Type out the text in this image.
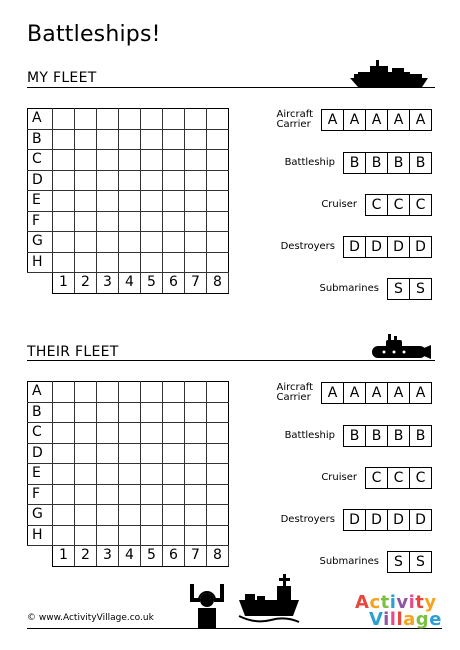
Battleships!
MY FLEET
A								
B								
C								
D								
E								
F								
G								
H								
	1	2	3	4	5	6	7	8
Aircraft
Carrier	A A A A A
Battleship	B B B B
Cruiser	C C C
Destroyers	D D D D
Submarines	S S
THEIR FLEET
A								
B								
C								
D								
E								
F								
G								
H								
	1	2	3	4	5	6	7	8
Aircraft
Carrier	A A A A A
Battleship	B B B B
Cruiser	C C C
Destroyers	D D D D
Submarines	S S
© www.ActivityVillage.co.uk
Activity
Village
